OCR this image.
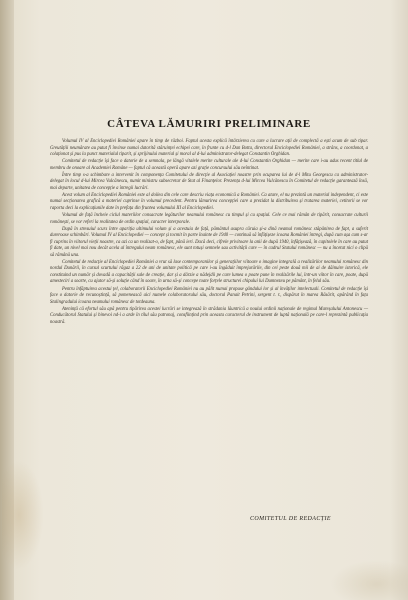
CÂTEVA LĂMURIRI PRELIMINARE

Volumul IV al Enciclopediei României apare în timp de război. Faptul acesta explică întârzierea cu care a lucrare ații de complectă a ești acum de sub tipar. Greutățiii neumărate au putut fi învinse numai datorită stăruinței echipei care, în frunte cu d-l Dan Botta, directorul Enciclopediei României, a strâns, a coordonat, a colaționat și pus la punct materialul tiparit, și sprijinului material și moral al d-lui administrator-delegat Constantin Orghidan.

Comitetul de redacție își face o datorie de a semnala, pe lângă vitalele merite culturale ale d-lui Constantin Orghidan — merite care i-au adus recent titlul de membru de onoare al Academiei Române — faptul că această operă apare azi grație concursului său neîntinat.

Între timp s-a schimbare a intervenit în componența Comitetului de direcție al Asociației noastre prin ocuparea lui de d-l Mitu Georgescu ca administrator-delegat în locul d-lui Mircea Vulcănescu, numit ministru subsecretar de Stat al Finanțelor. Prezența d-lui Mircea Vulcănescu în Comitetul de redacție garantează însă, mai departe, unitatea de concepție a întregii lucrări.

Acest volum al Enciclopediei României este al doilea din cele care descriu viața economică a României. Ca atare, el nu prezintă un material independent, ci este numai secționarea grafică a materiei cuprinse în volumul precedent. Pentru lămurirea concepției care a prezidat la distribuirea și tratarea materiei, cetitorii se vor raporta deci la explicațiunile date în prefața din fruntea volumului III al Enciclopediei.

Volumul de față încheie ciclul materiilor consacrate legăturilor neamului românesc cu timpul și cu spațiul. Cele ce mai rămân de tipărit, consacrate culturii românești, se vor referi la realitatea de ordin spațial, caracter interporale.

După în stresuiul scurs între apariția ultimului volum și a acestuia de față, pământul asupra căruia și-a dină neamul românesc stăpânirea de fapt, a suferit dureroase schimbări. Volumul IV al Enciclopediei — concept și tocmit în parte înainte de 1940 — continuă să înfățișeze icoana României întregi, după cum așa cum s-ar fi cuprins în viitorul vieții noastre, ca azi ca un realizat-o, de fapt, până ieri. Dacă deci, cifrele privitoare la anii de după 1940, înfățișează, în capitolele în care au putut fi date, un nivel mai nou decât acela al întregului neam românesc, ele sunt totuși semnele sau activității care — în cadrul Statului românesc — nu a încetat nici o clipă să rămână una.

Comitetul de redacție al Enciclopediei României a vrut să lase contemporanilor și generațiilor viitoare o imagine integrală a realizărilor neamului românesc din nordul Dunării, în cursul scurtului răgaz a 22 de ani de unitate politică pe care i-au îngăduit împrejurările, din cei peste două mii de ai de dăinuire istorică, ele constituind un număr și dovadă a capacității sale de creație, dar și a dârzie a nădejdii pe care lumea o poate pune în realizările lui, într-un viitor în care, poate, după amesteciri a soarte, cu ajutor să-și soluție când în soare, în urna să-și concepe toate forțele structurei chipului lui Dumnezeu pe pământ, în felul său.

Pentru înfăptuirea acestui țel, colaboratorii Enciclopediei României nu au pălit numai propuse gândului lor și al învăților intelectuali. Comitetul de redacție își face o datorie de recunoștință, să pomenească aici numele colaboratorului său, doctorul Panait Petrini, sergent t. r., dispărut în marea Răsărit, apărând în fața Stalingradului icoana neamului românesc de totdeauna.

Atenință că efortul său apă pentru tipărirea acestei lucrări se integrează în strădania lăuntrică a noului ordinii naționale de regimul Mareșalului Antonescu — Conducătorul Statului și binevoi nd-i a arde în tilul său patronaj, consființind prin aceasta caracterul de instrument de luptă națională pe care-l reprezintă publicația noastră.

COMITETUL DE REDACȚIE
